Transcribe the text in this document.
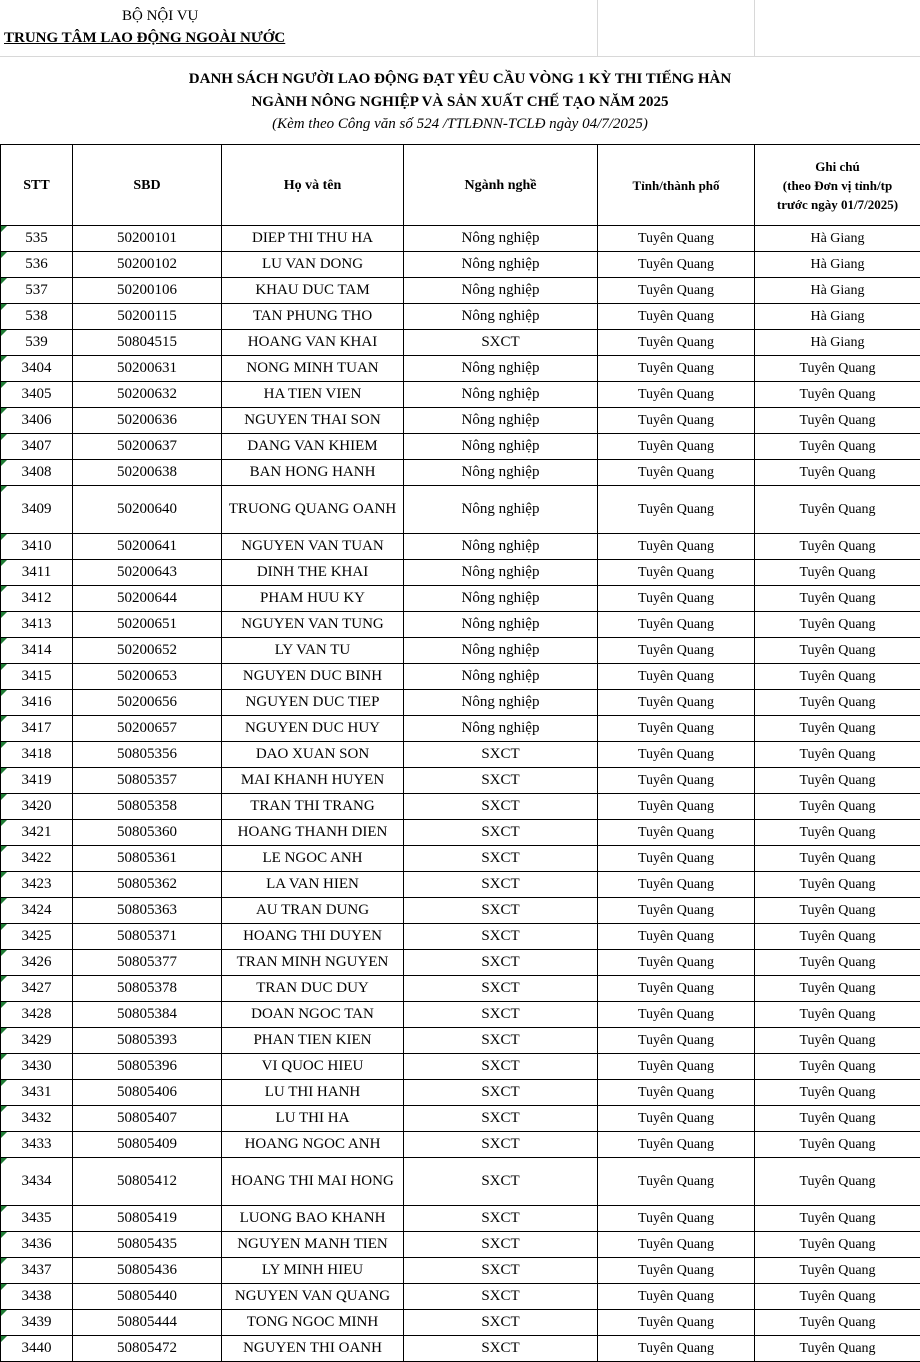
BỘ NỘI VỤ
TRUNG TÂM LAO ĐỘNG NGOÀI NƯỚC
DANH SÁCH NGƯỜI LAO ĐỘNG ĐẠT YÊU CẦU VÒNG 1 KỲ THI TIẾNG HÀN
NGÀNH NÔNG NGHIỆP VÀ SẢN XUẤT CHẾ TẠO NĂM 2025
(Kèm theo Công văn số 524 /TTLĐNN-TCLĐ ngày 04/7/2025)
STT	SBD	Họ và tên	Ngành nghề	Tỉnh/thành phố	Ghi chú
(theo Đơn vị tỉnh/tp
trước ngày 01/7/2025)

535	50200101	DIEP THI THU HA	Nông nghiệp	Tuyên Quang	Hà Giang
536	50200102	LU VAN DONG	Nông nghiệp	Tuyên Quang	Hà Giang
537	50200106	KHAU DUC TAM	Nông nghiệp	Tuyên Quang	Hà Giang
538	50200115	TAN PHUNG THO	Nông nghiệp	Tuyên Quang	Hà Giang
539	50804515	HOANG VAN KHAI	SXCT	Tuyên Quang	Hà Giang
3404	50200631	NONG MINH TUAN	Nông nghiệp	Tuyên Quang	Tuyên Quang
3405	50200632	HA TIEN VIEN	Nông nghiệp	Tuyên Quang	Tuyên Quang
3406	50200636	NGUYEN THAI SON	Nông nghiệp	Tuyên Quang	Tuyên Quang
3407	50200637	DANG VAN KHIEM	Nông nghiệp	Tuyên Quang	Tuyên Quang
3408	50200638	BAN HONG HANH	Nông nghiệp	Tuyên Quang	Tuyên Quang
3409	50200640	TRUONG QUANG OANH	Nông nghiệp	Tuyên Quang	Tuyên Quang
3410	50200641	NGUYEN VAN TUAN	Nông nghiệp	Tuyên Quang	Tuyên Quang
3411	50200643	DINH THE KHAI	Nông nghiệp	Tuyên Quang	Tuyên Quang
3412	50200644	PHAM HUU KY	Nông nghiệp	Tuyên Quang	Tuyên Quang
3413	50200651	NGUYEN VAN TUNG	Nông nghiệp	Tuyên Quang	Tuyên Quang
3414	50200652	LY VAN TU	Nông nghiệp	Tuyên Quang	Tuyên Quang
3415	50200653	NGUYEN DUC BINH	Nông nghiệp	Tuyên Quang	Tuyên Quang
3416	50200656	NGUYEN DUC TIEP	Nông nghiệp	Tuyên Quang	Tuyên Quang
3417	50200657	NGUYEN DUC HUY	Nông nghiệp	Tuyên Quang	Tuyên Quang
3418	50805356	DAO XUAN SON	SXCT	Tuyên Quang	Tuyên Quang
3419	50805357	MAI KHANH HUYEN	SXCT	Tuyên Quang	Tuyên Quang
3420	50805358	TRAN THI TRANG	SXCT	Tuyên Quang	Tuyên Quang
3421	50805360	HOANG THANH DIEN	SXCT	Tuyên Quang	Tuyên Quang
3422	50805361	LE NGOC ANH	SXCT	Tuyên Quang	Tuyên Quang
3423	50805362	LA VAN HIEN	SXCT	Tuyên Quang	Tuyên Quang
3424	50805363	AU TRAN DUNG	SXCT	Tuyên Quang	Tuyên Quang
3425	50805371	HOANG THI DUYEN	SXCT	Tuyên Quang	Tuyên Quang
3426	50805377	TRAN MINH NGUYEN	SXCT	Tuyên Quang	Tuyên Quang
3427	50805378	TRAN DUC DUY	SXCT	Tuyên Quang	Tuyên Quang
3428	50805384	DOAN NGOC TAN	SXCT	Tuyên Quang	Tuyên Quang
3429	50805393	PHAN TIEN KIEN	SXCT	Tuyên Quang	Tuyên Quang
3430	50805396	VI QUOC HIEU	SXCT	Tuyên Quang	Tuyên Quang
3431	50805406	LU THI HANH	SXCT	Tuyên Quang	Tuyên Quang
3432	50805407	LU THI HA	SXCT	Tuyên Quang	Tuyên Quang
3433	50805409	HOANG NGOC ANH	SXCT	Tuyên Quang	Tuyên Quang
3434	50805412	HOANG THI MAI HONG	SXCT	Tuyên Quang	Tuyên Quang
3435	50805419	LUONG BAO KHANH	SXCT	Tuyên Quang	Tuyên Quang
3436	50805435	NGUYEN MANH TIEN	SXCT	Tuyên Quang	Tuyên Quang
3437	50805436	LY MINH HIEU	SXCT	Tuyên Quang	Tuyên Quang
3438	50805440	NGUYEN VAN QUANG	SXCT	Tuyên Quang	Tuyên Quang
3439	50805444	TONG NGOC MINH	SXCT	Tuyên Quang	Tuyên Quang
3440	50805472	NGUYEN THI OANH	SXCT	Tuyên Quang	Tuyên Quang
